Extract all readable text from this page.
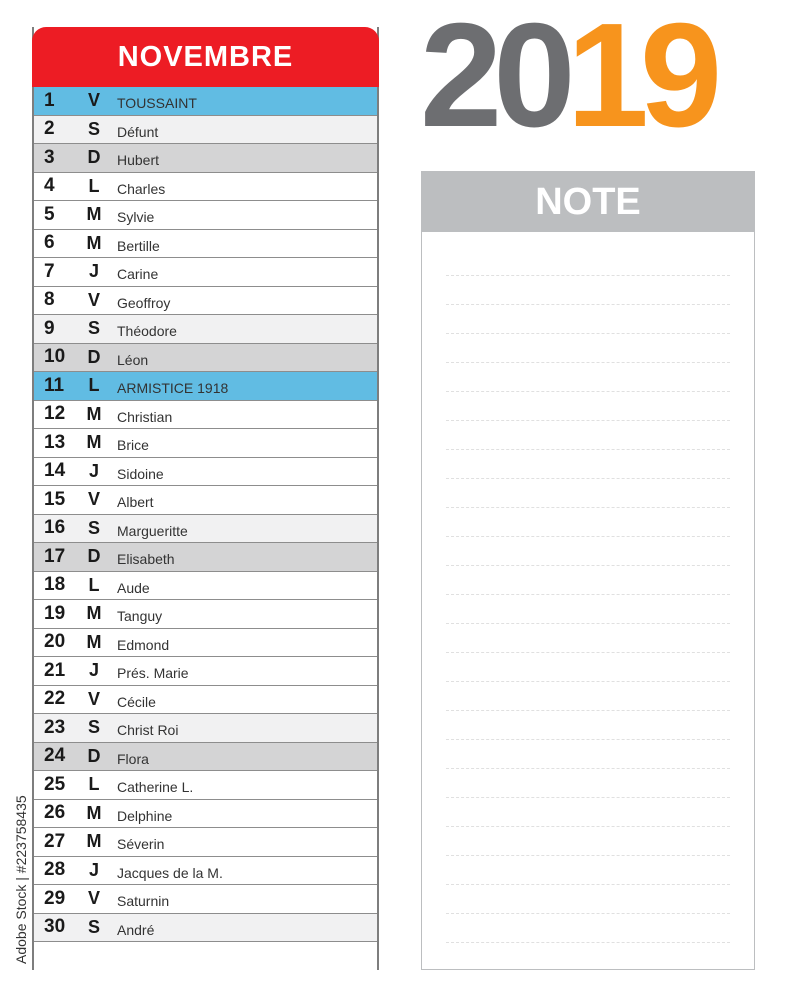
NOVEMBRE
1	V TOUSSAINT
2	S Défunt
3	D Hubert
4	L	Charles
5	M Sylvie
6	M Bertille
7	J	Carine
8	V Geoffroy
9	S Théodore
10	D Léon
11	L	ARMISTICE 1918
12	M Christian
13	M Brice
14	J	Sidoine
15	V Albert
16	S Margueritte
17	D Elisabeth
18	L	Aude
19	M Tanguy
20	M Edmond
21	J	Prés. Marie
22	V Cécile
23	S Christ Roi
24	D Flora
25	L	Catherine L.
26	M Delphine
27	M Séverin
28	J	Jacques de la M.
29	V Saturnin
30	S André
2019
NOTE
Adobe Stock | #223758435
